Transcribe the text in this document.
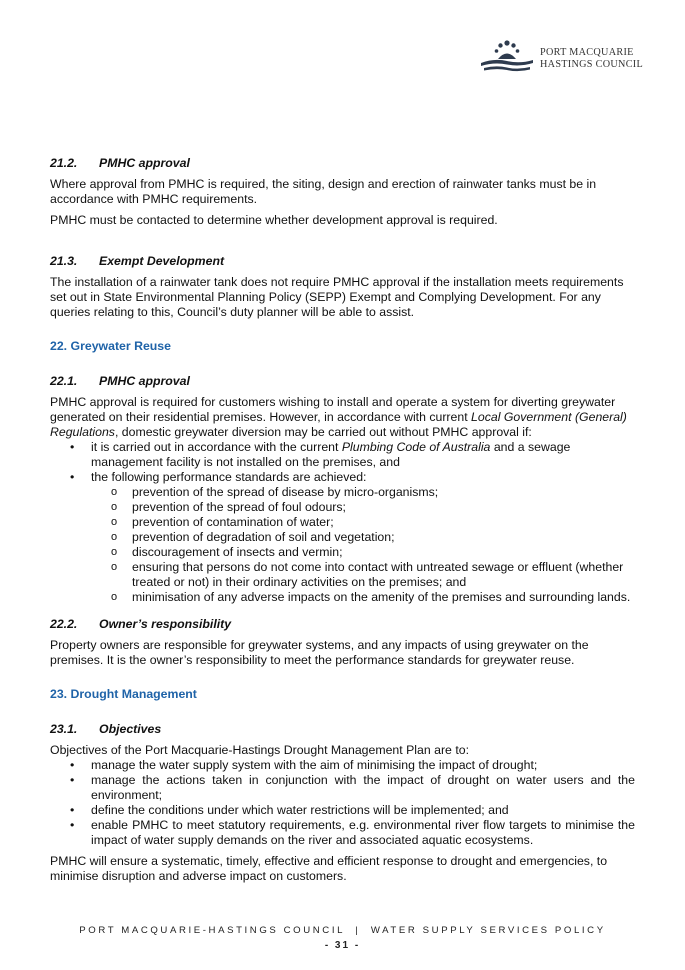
PORT MACQUARIE
HASTINGS COUNCIL
21.2.	PMHC approval

Where approval from PMHC is required, the siting, design and erection of rainwater tanks must be in accordance with PMHC requirements.

PMHC must be contacted to determine whether development approval is required.

21.3.	Exempt Development

The installation of a rainwater tank does not require PMHC approval if the installation meets requirements set out in State Environmental Planning Policy (SEPP) Exempt and Complying Development. For any queries relating to this, Council’s duty planner will be able to assist.

22. Greywater Reuse
22.1.	PMHC approval

PMHC approval is required for customers wishing to install and operate a system for diverting greywater generated on their residential premises. However, in accordance with current Local Government (General) Regulations, domestic greywater diversion may be carried out without PMHC approval if:

• it is carried out in accordance with the current Plumbing Code of Australia and a sewage management facility is not installed on the premises, and
• the following performance standards are achieved:
o prevention of the spread of disease by micro-organisms;
o prevention of the spread of foul odours;
o prevention of contamination of water;
o prevention of degradation of soil and vegetation;
o discouragement of insects and vermin;
o ensuring that persons do not come into contact with untreated sewage or effluent (whether treated or not) in their ordinary activities on the premises; and
o minimisation of any adverse impacts on the amenity of the premises and surrounding lands.
22.2.	Owner’s responsibility

Property owners are responsible for greywater systems, and any impacts of using greywater on the premises. It is the owner’s responsibility to meet the performance standards for greywater reuse.

23. Drought Management
23.1.	Objectives

Objectives of the Port Macquarie-Hastings Drought Management Plan are to:

• manage the water supply system with the aim of minimising the impact of drought;
• manage the actions taken in conjunction with the impact of drought on water users and the environment;
• define the conditions under which water restrictions will be implemented; and
• enable PMHC to meet statutory requirements, e.g. environmental river flow targets to minimise the impact of water supply demands on the river and associated aquatic ecosystems.

PMHC will ensure a systematic, timely, effective and efficient response to drought and emergencies, to minimise disruption and adverse impact on customers.

PORT MACQUARIE-HASTINGS COUNCIL  |  WATER SUPPLY SERVICES POLICY
- 31 -
